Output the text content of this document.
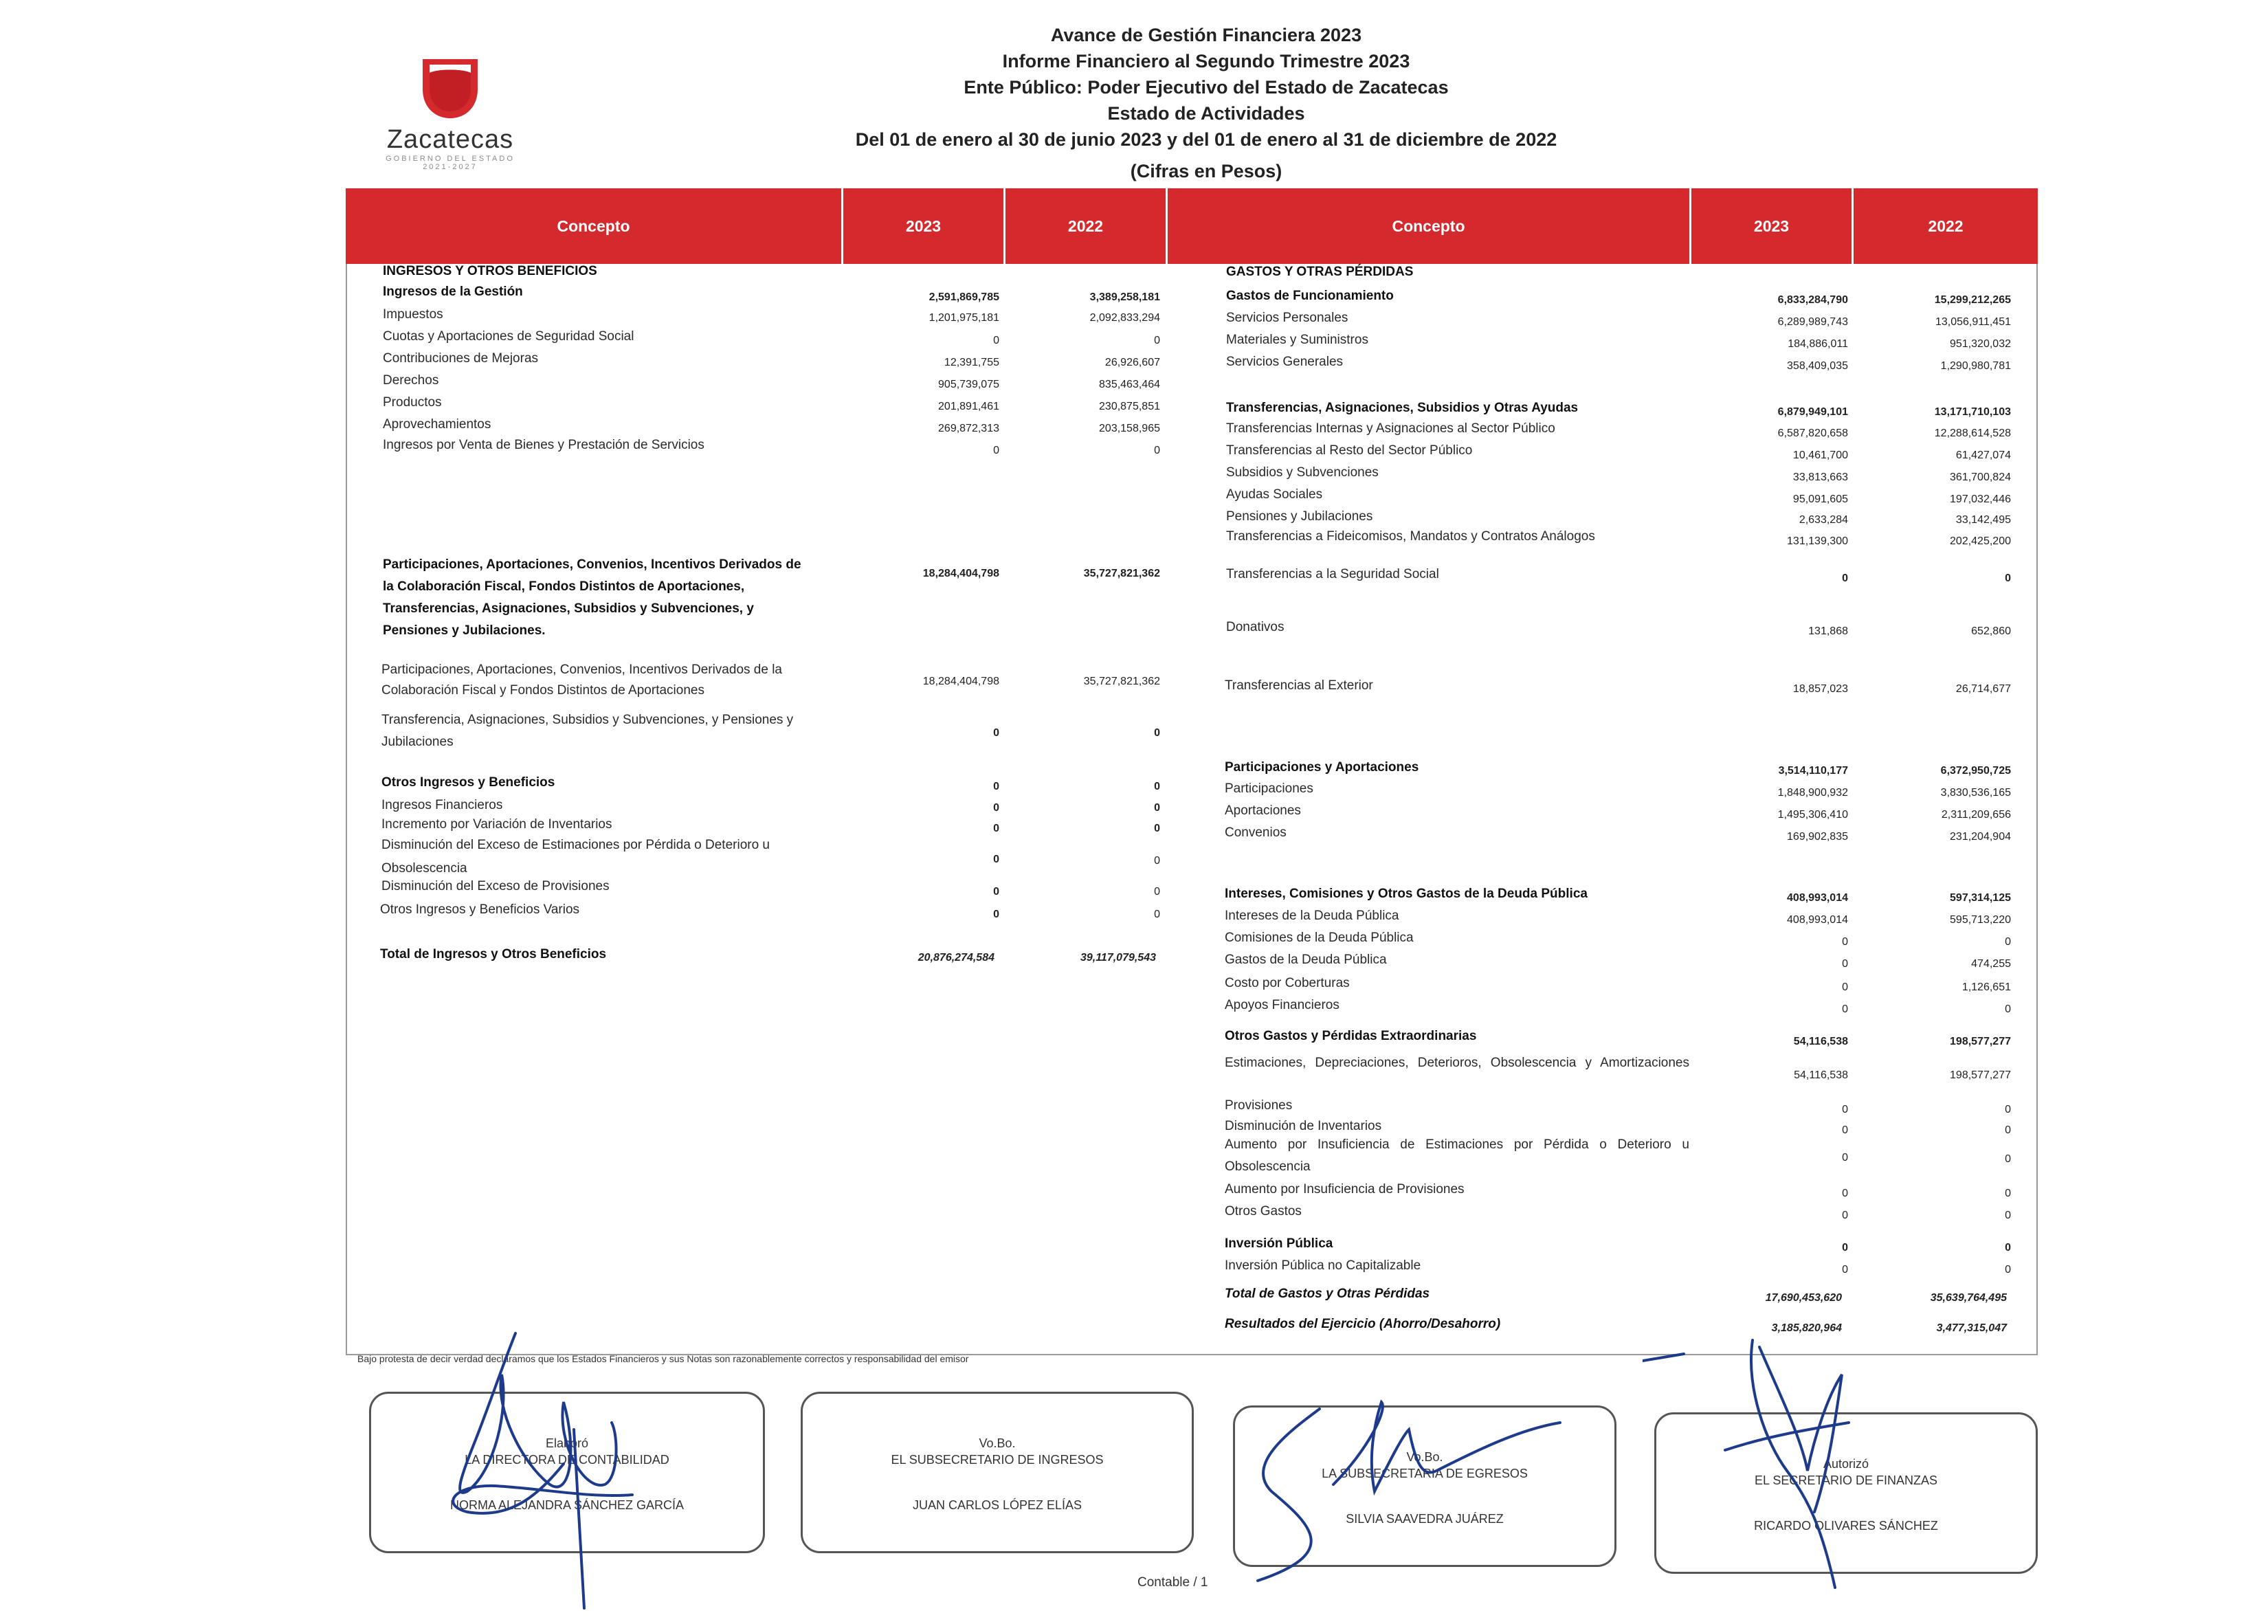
Zacatecas
GOBIERNO DEL ESTADO
2021-2027
Avance de Gestión Financiera 2023
Informe Financiero al Segundo Trimestre 2023
Ente Público: Poder Ejecutivo del Estado de Zacatecas
Estado de Actividades
Del 01 de enero al 30 de junio 2023 y del 01 de enero al 31 de diciembre de 2022
(Cifras en Pesos)
Concepto	2023	2022	Concepto	2023	2022
INGRESOS Y OTROS BENEFICIOS
Ingresos de la Gestión	2,591,869,785	3,389,258,181
Impuestos	1,201,975,181	2,092,833,294
Cuotas y Aportaciones de Seguridad Social	0	0
Contribuciones de Mejoras	12,391,755	26,926,607
Derechos	905,739,075	835,463,464
Productos	201,891,461	230,875,851
Aprovechamientos	269,872,313	203,158,965
Ingresos por Venta de Bienes y Prestación de Servicios	0	0
Participaciones, Aportaciones, Convenios, Incentivos Derivados de la Colaboración Fiscal, Fondos Distintos de Aportaciones, Transferencias, Asignaciones, Subsidios y Subvenciones, y Pensiones y Jubilaciones.
18,284,404,798	35,727,821,362
Participaciones, Aportaciones, Convenios, Incentivos Derivados de la Colaboración Fiscal y Fondos Distintos de Aportaciones
18,284,404,798	35,727,821,362
Transferencia, Asignaciones, Subsidios y Subvenciones, y Pensiones y Jubilaciones
0	0
Otros Ingresos y Beneficios	0	0
Ingresos Financieros	0	0
Incremento por Variación de Inventarios	0	0
Disminución del Exceso de Estimaciones por Pérdida o Deterioro u Obsolescencia
0	0
Disminución del Exceso de Provisiones	0	0
Otros Ingresos y Beneficios Varios	0	0
Total de Ingresos y Otros Beneficios	20,876,274,584	39,117,079,543
GASTOS Y OTRAS PÉRDIDAS
Gastos de Funcionamiento	6,833,284,790	15,299,212,265
Servicios Personales	6,289,989,743	13,056,911,451
Materiales y Suministros	184,886,011	951,320,032
Servicios Generales	358,409,035	1,290,980,781
Transferencias, Asignaciones, Subsidios y Otras Ayudas	6,879,949,101	13,171,710,103
Transferencias Internas y Asignaciones al Sector Público	6,587,820,658	12,288,614,528
Transferencias al Resto del Sector Público	10,461,700	61,427,074
Subsidios y Subvenciones	33,813,663	361,700,824
Ayudas Sociales	95,091,605	197,032,446
Pensiones y Jubilaciones	2,633,284	33,142,495
Transferencias a Fideicomisos, Mandatos y Contratos Análogos	131,139,300	202,425,200
Transferencias a la Seguridad Social	0	0
Donativos	131,868	652,860
Transferencias al Exterior	18,857,023	26,714,677
Participaciones y Aportaciones	3,514,110,177	6,372,950,725
Participaciones	1,848,900,932	3,830,536,165
Aportaciones	1,495,306,410	2,311,209,656
Convenios	169,902,835	231,204,904
Intereses, Comisiones y Otros Gastos de la Deuda Pública	408,993,014	597,314,125
Intereses de la Deuda Pública	408,993,014	595,713,220
Comisiones de la Deuda Pública	0	0
Gastos de la Deuda Pública	0	474,255
Costo por Coberturas	0	1,126,651
Apoyos Financieros	0	0
Otros Gastos y Pérdidas Extraordinarias	54,116,538	198,577,277
Estimaciones, Depreciaciones, Deterioros, Obsolescencia y Amortizaciones
54,116,538	198,577,277
Provisiones	0	0
Disminución de Inventarios	0	0
Aumento por Insuficiencia de Estimaciones por Pérdida o Deterioro u Obsolescencia
0	0
Aumento por Insuficiencia de Provisiones	0	0
Otros Gastos	0	0
Inversión Pública	0	0
Inversión Pública no Capitalizable	0	0
Total de Gastos y Otras Pérdidas	17,690,453,620	35,639,764,495
Resultados del Ejercicio (Ahorro/Desahorro)	3,185,820,964	3,477,315,047
Bajo protesta de decir verdad declaramos que los Estados Financieros y sus Notas son razonablemente correctos y responsabilidad del emisor
Elaboró
LA DIRECTORA DE CONTABILIDAD
NORMA ALEJANDRA SÁNCHEZ GARCÍA
Vo.Bo.
EL SUBSECRETARIO DE INGRESOS
JUAN CARLOS LÓPEZ ELÍAS
Vo.Bo.
LA SUBSECRETARIA DE EGRESOS
SILVIA SAAVEDRA JUÁREZ
Autorizó
EL SECRETARIO DE FINANZAS
RICARDO OLIVARES SÁNCHEZ
Contable / 1
